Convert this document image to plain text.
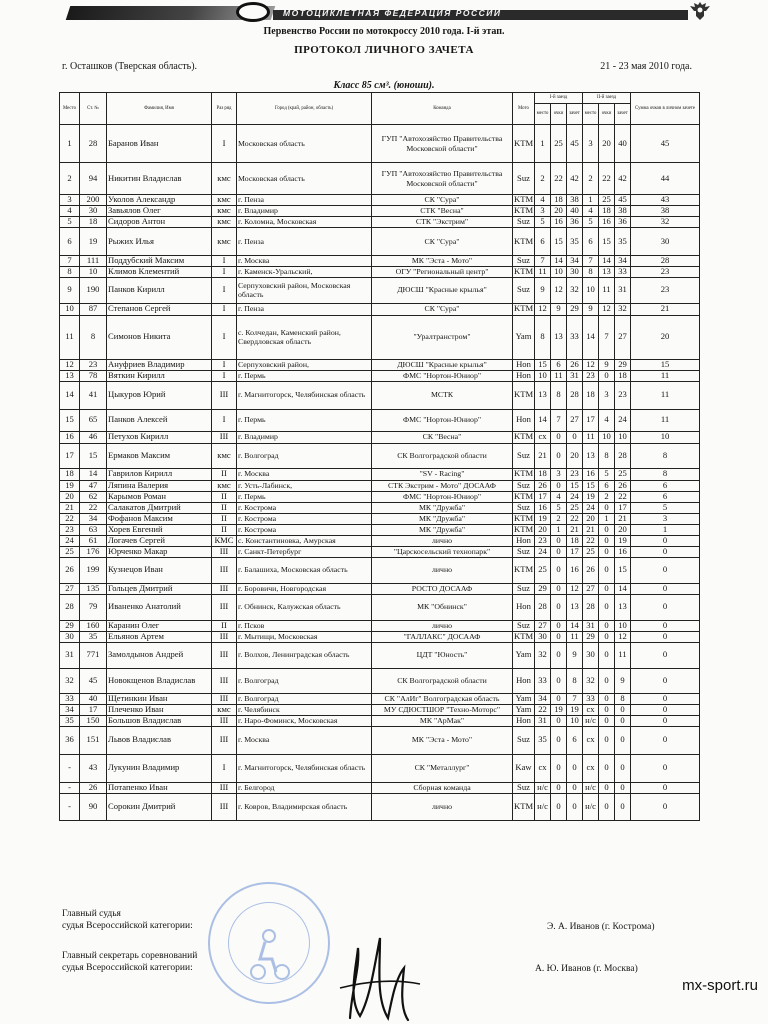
МОТОЦИКЛЕТНАЯ ФЕДЕРАЦИЯ РОССИИ
Первенство России по мотокроссу 2010 года. I-й этап.
ПРОТОКОЛ ЛИЧНОГО ЗАЧЕТА
г. Осташков (Тверская область).	21 - 23 мая 2010 года.
Класс 85 см³. (юноши).
Место	Ст. №	Фамилия, Имя	Раз ряд	Город (край, район, область)	Команда	Мото	I-й заезд			II-й заезд			Сумма очков в личном зачете
							место	очки	зачет	место	очки	зачет	
1	28	Баранов Иван	I	Московская область	ГУП "Автохозяйство Правительства Московской области"	KTM	1	25	45	3	20	40	45
2	94	Никитин Владислав	кмс	Московская область	ГУП "Автохозяйство Правительства Московской области"	Suz	2	22	42	2	22	42	44
3	200	Уколов Александр	кмс	г. Пенза	СК "Сура"	KTM	4	18	38	1	25	45	43
4	30	Завьялов Олег	кмс	г. Владимир	СТК "Весна"	KTM	3	20	40	4	18	38	38
5	18	Сидоров Антон	кмс	г. Коломна, Московская	СТК "Экстрим"	Suz	5	16	36	5	16	36	32
6	19	Рыжих Илья	кмс	г. Пенза	СК "Сура"	KTM	6	15	35	6	15	35	30
7	111	Поддубский Максим	I	г. Москва	МК "Эста - Мото"	Suz	7	14	34	7	14	34	28
8	10	Климов Клементий	I	г. Каменск-Уральский,	ОГУ "Региональный центр"	KTM	11	10	30	8	13	33	23
9	190	Панков Кирилл	I	Серпуховский район, Московская область	ДЮСШ "Красные крылья"	Suz	9	12	32	10	11	31	23
10	87	Степанов Сергей	I	г. Пенза	СК "Сура"	KTM	12	9	29	9	12	32	21
11	8	Симонов Никита	I	с. Колчедан, Каменский район, Свердловская область	"Уралтранстром"	Yam	8	13	33	14	7	27	20
12	23	Ануфриев Владимир	I	Серпуховский район,	ДЮСШ "Красные крылья"	Hon	15	6	26	12	9	29	15
13	78	Вяткин Кирилл	I	г. Пермь	ФМС "Нортон-Юниор"	Hon	10	11	31	23	0	18	11
14	41	Цыкуров Юрий	III	г. Магнитогорск, Челябинская область	МСТК	KTM	13	8	28	18	3	23	11
15	65	Панков Алексей	I	г. Пермь	ФМС "Нортон-Юниор"	Hon	14	7	27	17	4	24	11
16	46	Петухов Кирилл	III	г. Владимир	СК "Весна"	KTM	сх	0	0	11	10	10	10
17	15	Ермаков Максим	кмс	г. Волгоград	СК Волгоградской области	Suz	21	0	20	13	8	28	8
18	14	Гаврилов Кирилл	II	г. Москва	"SV - Racing"	KTM	18	3	23	16	5	25	8
19	47	Ляпина Валерия	кмс	г. Усть-Лабинск,	СТК Экстрим - Мото" ДОСААФ	Suz	26	0	15	15	6	26	6
20	62	Карымов Роман	II	г. Пермь	ФМС "Нортон-Юниор"	KTM	17	4	24	19	2	22	6
21	22	Салакатов Дмитрий	II	г. Кострома	МК "Дружба"	Suz	16	5	25	24	0	17	5
22	34	Фофанов Максим	II	г. Кострома	МК "Дружба"	KTM	19	2	22	20	1	21	3
23	63	Хорев Евгений	II	г. Кострома	МК "Дружба"	KTM	20	1	21	21	0	20	1
24	61	Логачев Сергей	КМС	с. Константиновка, Амурская	лично	Hon	23	0	18	22	0	19	0
25	176	Юрченко Макар	III	г. Санкт-Петербург	"Царскосельский технопарк"	Suz	24	0	17	25	0	16	0
26	199	Кузнецов Иван	III	г. Балашиха, Московская область	лично	KTM	25	0	16	26	0	15	0
27	135	Гольцев Дмитрий	III	г. Боровичи, Новгородская	РОСТО ДОСААФ	Suz	29	0	12	27	0	14	0
28	79	Иваненко Анатолий	III	г. Обнинск, Калужская область	МК "Обнинск"	Hon	28	0	13	28	0	13	0
29	160	Каранин Олег	II	г. Псков	лично	Suz	27	0	14	31	0	10	0
30	35	Ельянов Артем	III	г. Мытищи, Московская	"ГАЛЛАКС" ДОСААФ	KTM	30	0	11	29	0	12	0
31	771	Замолдынов Андрей	III	г. Волхов, Ленинградская область	ЦДТ "Юность"	Yam	32	0	9	30	0	11	0
32	45	Новокщенов Владислав	III	г. Волгоград	СК Волгоградской области	Hon	33	0	8	32	0	9	0
33	40	Щетинкин Иван	III	г. Волгоград	СК "АлИг" Волгоградская область	Yam	34	0	7	33	0	8	0
34	17	Плеченко Иван	кмс	г. Челябинск	МУ СДЮСТШОР "Техно-Моторс"	Yam	22	19	19	сх	0	0	0
35	150	Большов Владислав	III	г. Наро-Фоминск, Московская	МК "АрМак"	Hon	31	0	10	н/с	0	0	0
36	151	Львов Владислав	III	г. Москва	МК "Эста - Мото"	Suz	35	0	6	сх	0	0	0
-	43	Лукунин Владимир	I	г. Магнитогорск, Челябинская область	СК "Металлург"	Kaw	сх	0	0	сх	0	0	0
-	26	Потапенко Иван	III	г. Белгород	Сборная команда	Suz	н/с	0	0	н/с	0	0	0
-	90	Сорокин Дмитрий	III	г. Ковров, Владимирская область	лично	KTM	н/с	0	0	н/с	0	0	0
Главный судья
судья Всероссийской категории:	Э. А. Иванов (г. Кострома)
Главный секретарь соревнований
судья Всероссийской категории:	А. Ю. Иванов (г. Москва)
mx-sport.ru
